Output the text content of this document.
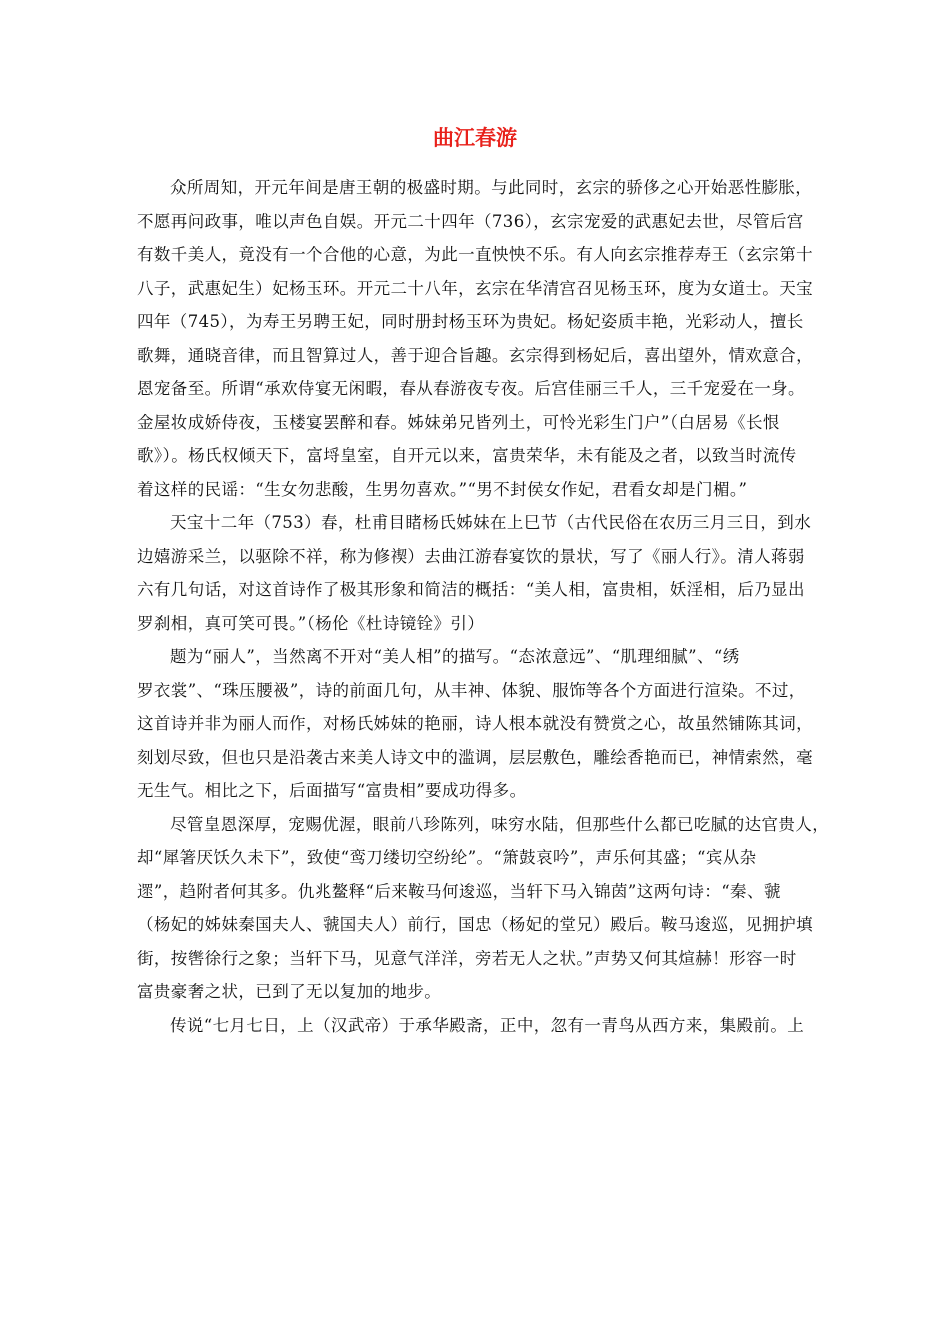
曲江春游
众所周知，开元年间是唐王朝的极盛时期。与此同时，玄宗的骄侈之心开始恶性膨胀，
不愿再问政事，唯以声色自娱。开元二十四年（736），玄宗宠爱的武惠妃去世，尽管后宫
有数千美人，竟没有一个合他的心意，为此一直怏怏不乐。有人向玄宗推荐寿王（玄宗第十
八子，武惠妃生）妃杨玉环。开元二十八年，玄宗在华清宫召见杨玉环，度为女道士。天宝
四年（745），为寿王另聘王妃，同时册封杨玉环为贵妃。杨妃姿质丰艳，光彩动人，擅长
歌舞，通晓音律，而且智算过人，善于迎合旨趣。玄宗得到杨妃后，喜出望外，情欢意合，
恩宠备至。所谓“承欢侍宴无闲暇，春从春游夜专夜。后宫佳丽三千人，三千宠爱在一身。
金屋妆成娇侍夜，玉楼宴罢醉和春。姊妹弟兄皆列土，可怜光彩生门户”（白居易《长恨
歌》）。杨氏权倾天下，富埒皇室，自开元以来，富贵荣华，未有能及之者，以致当时流传
着这样的民谣：“生女勿悲酸，生男勿喜欢。”“男不封侯女作妃，君看女却是门楣。”
天宝十二年（753）春，杜甫目睹杨氏姊妹在上巳节（古代民俗在农历三月三日，到水
边嬉游采兰，以驱除不祥，称为修禊）去曲江游春宴饮的景状，写了《丽人行》。清人蒋弱
六有几句话，对这首诗作了极其形象和简洁的概括：“美人相，富贵相，妖淫相，后乃显出
罗刹相，真可笑可畏。”（杨伦《杜诗镜铨》引）
题为“丽人”，当然离不开对“美人相”的描写。“态浓意远”、“肌理细腻”、“绣
罗衣裳”、“珠压腰衱”，诗的前面几句，从丰神、体貌、服饰等各个方面进行渲染。不过，
这首诗并非为丽人而作，对杨氏姊妹的艳丽，诗人根本就没有赞赏之心，故虽然铺陈其词，
刻划尽致，但也只是沿袭古来美人诗文中的滥调，层层敷色，雕绘香艳而已，神情索然，毫
无生气。相比之下，后面描写“富贵相”要成功得多。
尽管皇恩深厚，宠赐优渥，眼前八珍陈列，味穷水陆，但那些什么都已吃腻的达官贵人，
却“犀箸厌饫久未下”，致使“鸾刀缕切空纷纶”。“箫鼓哀吟”，声乐何其盛；“宾从杂
遝”，趋附者何其多。仇兆鳌释“后来鞍马何逡巡，当轩下马入锦茵”这两句诗：“秦、虢
（杨妃的姊妹秦国夫人、虢国夫人）前行，国忠（杨妃的堂兄）殿后。鞍马逡巡，见拥护填
街，按辔徐行之象；当轩下马，见意气洋洋，旁若无人之状。”声势又何其煊赫！形容一时
富贵豪奢之状，已到了无以复加的地步。
传说“七月七日，上（汉武帝）于承华殿斋，正中，忽有一青鸟从西方来，集殿前。上
